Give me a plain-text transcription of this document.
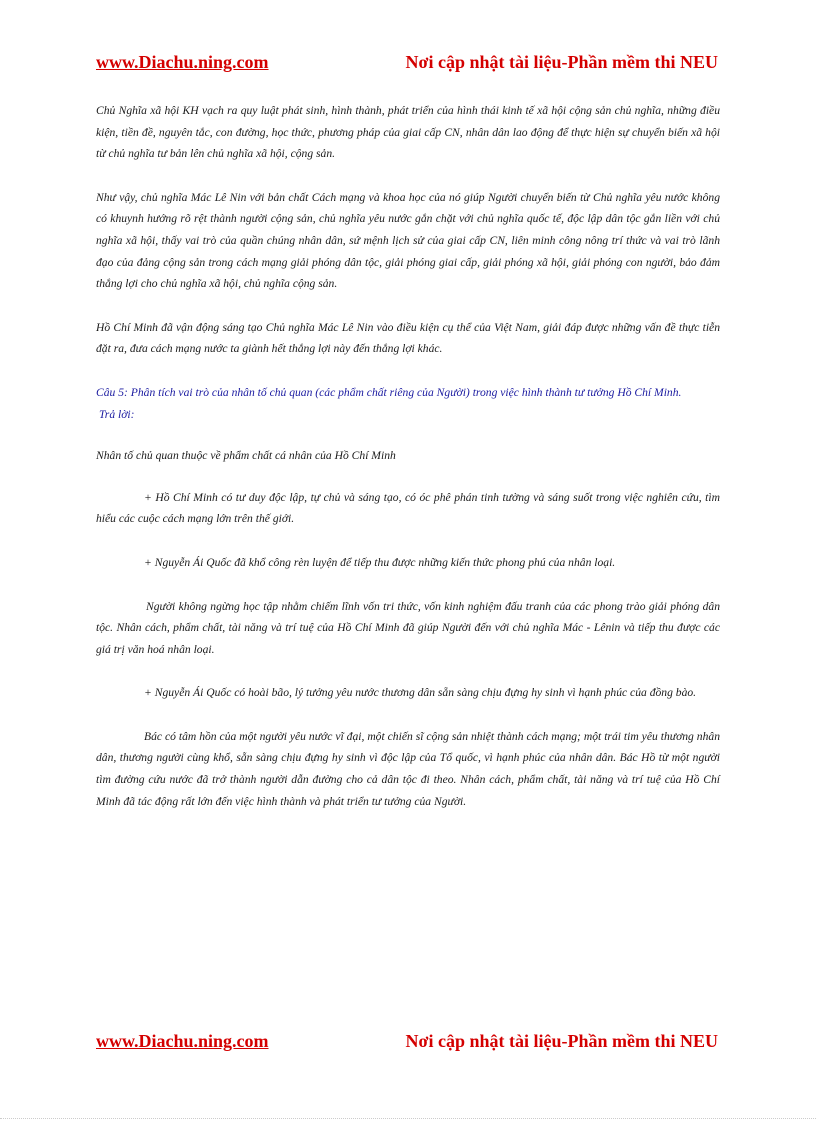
www.Diachu.ning.com	Nơi cập nhật tài liệu-Phần mềm thi NEU

Chủ Nghĩa xã hội KH vạch ra quy luật phát sinh, hình thành, phát triển của hình thái kinh tế xã hội cộng sản chủ nghĩa, những điều kiện, tiền đề, nguyên tắc, con đường, học thức, phương pháp của giai cấp CN, nhân dân lao động để thực hiện sự chuyển biến xã hội từ chủ nghĩa tư bản lên chủ nghĩa xã hội, cộng sản.

Như vậy, chủ nghĩa Mác Lê Nin với bản chất Cách mạng và khoa học của nó giúp Người chuyển biến từ Chủ nghĩa yêu nước không có khuynh hướng rõ rệt thành người cộng sản, chủ nghĩa yêu nước gắn chặt với chủ nghĩa quốc tế, độc lập dân tộc gắn liền với chủ nghĩa xã hội, thấy vai trò của quần chúng nhân dân, sứ mệnh lịch sử của giai cấp CN, liên minh công nông trí thức và vai trò lãnh đạo của đảng cộng sản trong cách mạng giải phóng dân tộc, giải phóng giai cấp, giải phóng xã hội, giải phóng con người, bảo đảm thắng lợi cho chủ nghĩa xã hội, chủ nghĩa cộng sản.

Hồ Chí Minh đã vận động sáng tạo Chủ nghĩa Mác Lê Nin vào điều kiện cụ thể của Việt Nam, giải đáp được những vấn đề thực tiễn đặt ra, đưa cách mạng nước ta giành hết thắng lợi này đến thắng lợi khác.

Câu 5: Phân tích vai trò của nhân tố chủ quan (các phẩm chất riêng của Người) trong việc hình thành tư tưởng Hồ Chí Minh.

Trả lời:

Nhân tố chủ quan thuộc về phẩm chất cá nhân của Hồ Chí Minh

+ Hồ Chí Minh có tư duy độc lập, tự chủ và sáng tạo, có óc phê phán tinh tường và sáng suốt trong việc nghiên cứu, tìm hiểu các cuộc cách mạng lớn trên thế giới.

+ Nguyễn Ái Quốc đã khổ công rèn luyện để tiếp thu được những kiến thức phong phú của nhân loại.

Người không ngừng học tập nhằm chiếm lĩnh vốn tri thức, vốn kinh nghiệm đấu tranh của các phong trào giải phóng dân tộc. Nhân cách, phẩm chất, tài năng và trí tuệ của Hồ Chí Minh đã giúp Người đến với chủ nghĩa Mác - Lênin và tiếp thu được các giá trị văn hoá nhân loại.

+ Nguyễn Ái Quốc có hoài bão, lý tưởng yêu nước thương dân sẵn sàng chịu đựng hy sinh vì hạnh phúc của đồng bào.

Bác có tâm hồn của một người yêu nước vĩ đại, một chiến sĩ cộng sản nhiệt thành cách mạng; một trái tim yêu thương nhân dân, thương người cùng khổ, sẵn sàng chịu đựng hy sinh vì độc lập của Tổ quốc, vì hạnh phúc của nhân dân. Bác Hồ từ một người tìm đường cứu nước đã trở thành người dẫn đường cho cả dân tộc đi theo. Nhân cách, phẩm chất, tài năng và trí tuệ của Hồ Chí Minh đã tác động rất lớn đến việc hình thành và phát triển tư tưởng của Người.

www.Diachu.ning.com	Nơi cập nhật tài liệu-Phần mềm thi NEU
